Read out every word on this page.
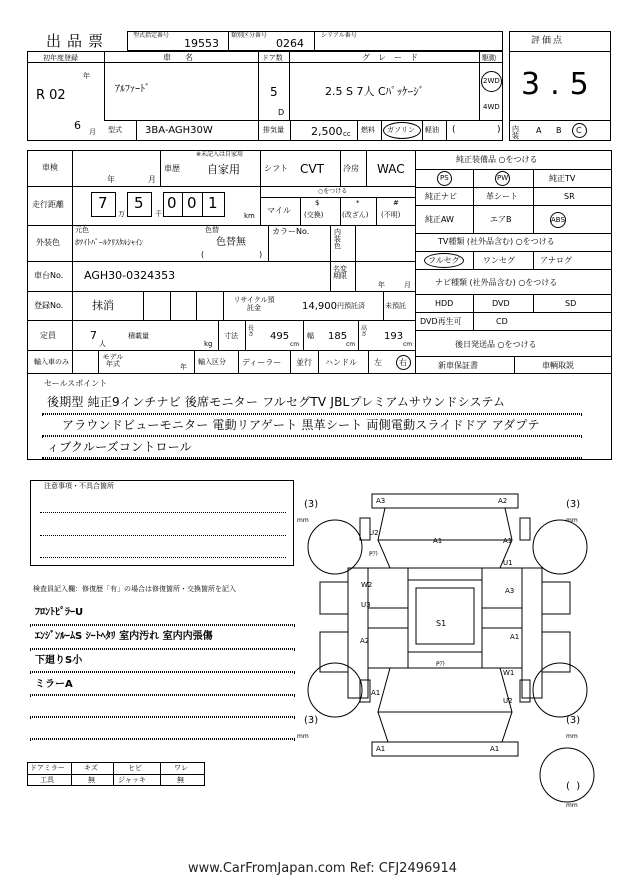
出品票	型式指定番号
19553
類別区分番号
0264
シリアル番号
評価点
3.5
初年度登録
年
R 02
6 月
車名
ｱﾙﾌｧｰﾄﾞ
ドア数
5
D
グレード
2.5 S 7人 Cﾊﾟｯｹｰｼﾞ
駆動
2WD
4WD
型式 3BA-AGH30W	排気量 2,500 cc 燃料 ガソリン 軽油 (	) 内装
A B C
車検
年	月
※未記入は自家用
車歴 自家用	シフト CVT 冷房 WAC
走行距離 7
万
5
千
0 0 1
km
○をつける
マイル
$
(交換)
*
(改ざん)
#
(不明)
元色
外装色 ﾎﾜｲﾄﾊﾟｰﾙｸﾘｽﾀﾙｼｬｲﾝ
色替
色替無
(	)
カラーNo.	内装色
車台No. AGH30-0324353	名変期限
年	月
登録No.	抹消	リサイクル預託金	14,900 円預託済	未預託
定員	7
人
積載量
kg
寸法
長さ 495
cm
幅 185
cm
高さ 193
cm
輸入車のみ
モデル年式	年
輸入区分 ディーラー 並行 ハンドル 左 右
純正装備品 ○をつける
PS	PW	純正TV
純正ナビ	革シート	SR
純正AW	エアB	ABS
TV種類 (社外品含む) ○をつける
フルセグ	ワンセグ	アナログ
ナビ種類 (社外品含む) ○をつける
HDD	DVD	SD
DVD再生可	CD
後日発送品 ○をつける
新車保証書	車輌取説
セールスポイント
後期型 純正9インチナビ 後席モニター フルセグTV JBLプレミアムサウンドシステム
アラウンドビューモニター 電動リアゲート 黒革シート 両側電動スライドドア アダプテ
ィブクルーズコントロール
注意事項・不具合箇所
検査員記入欄：修復歴「有」の場合は修復箇所・交換箇所を記入
ﾌﾛﾝﾄﾋﾟﾗｰU
ｴﾝｼﾞﾝﾙｰﾑS ｼｰﾄﾍﾀﾘ 室内汚れ 室内内張傷
下廻りS小
ミラーA
ドアミラー	キズ	ヒビ	ワレ
工具	無	ジャッキ	無
A3	A2
A1
U2
Pｱﾄ
A1
U1
W2
U3
A3
A2
S1
A1
Pｱﾄ
W1
A1
U2
A1	A1
(3)
mm
(3)
mm
(3)
mm
(3)
mm
( )
mm
www.CarFromJapan.com Ref: CFJ2496914
